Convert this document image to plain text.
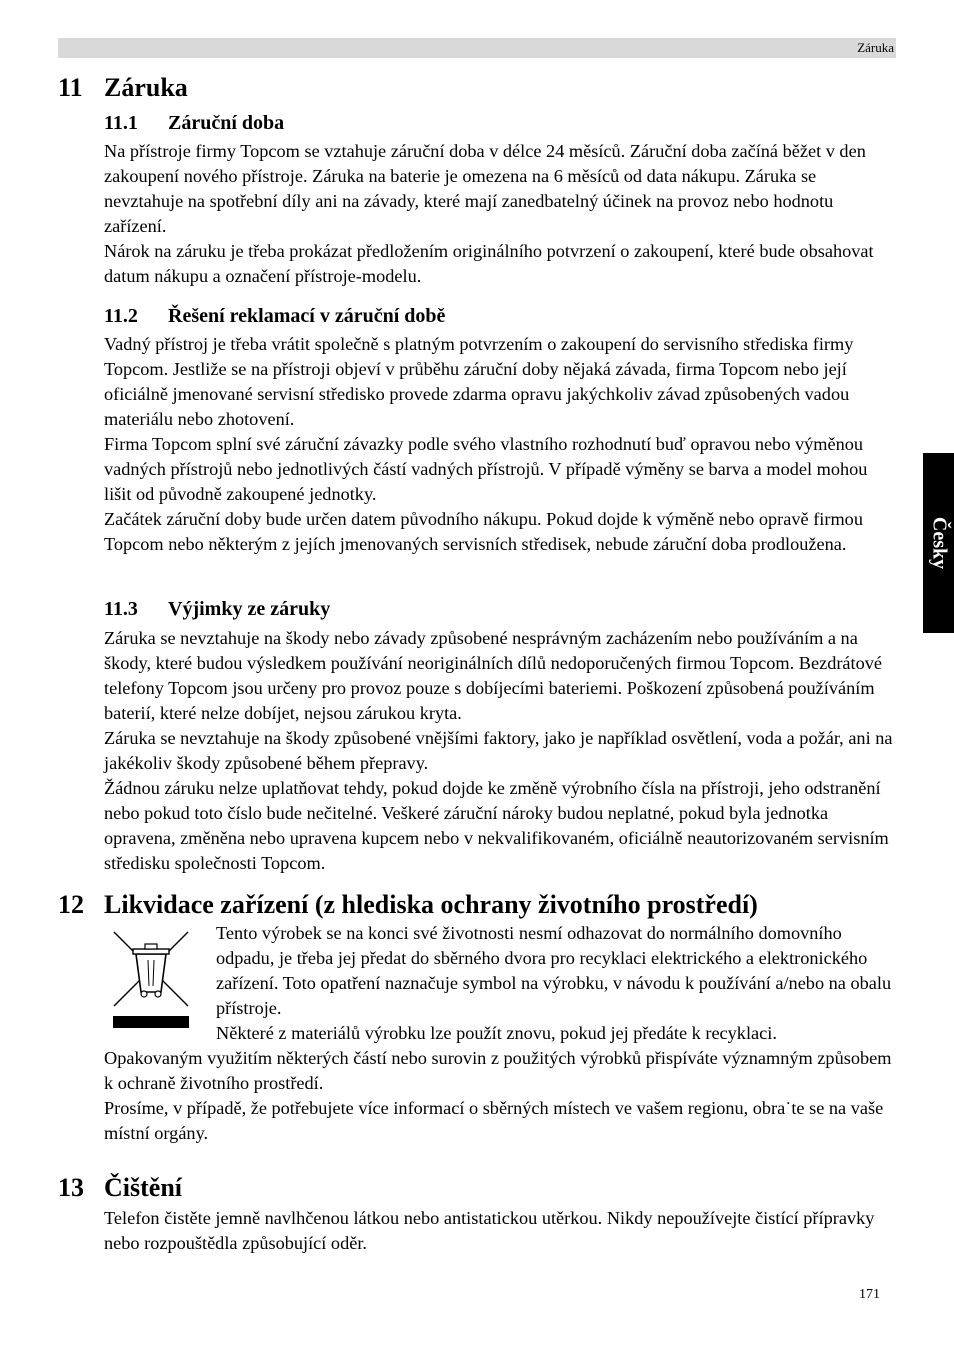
Záruka
Česky
11 Záruka
11.1 Záruční doba

Na přístroje firmy Topcom se vztahuje záruční doba v délce 24 měsíců. Záruční doba začíná běžet v den zakoupení nového přístroje. Záruka na baterie je omezena na 6 měsíců od data nákupu. Záruka se nevztahuje na spotřební díly ani na závady, které mají zanedbatelný účinek na provoz nebo hodnotu zařízení.

Nárok na záruku je třeba prokázat předložením originálního potvrzení o zakoupení, které bude obsahovat datum nákupu a označení přístroje-modelu.

11.2 Řešení reklamací v záruční době

Vadný přístroj je třeba vrátit společně s platným potvrzením o zakoupení do servisního střediska firmy Topcom. Jestliže se na přístroji objeví v průběhu záruční doby nějaká závada, firma Topcom nebo její oficiálně jmenované servisní středisko provede zdarma opravu jakýchkoliv závad způsobených vadou materiálu nebo zhotovení.

Firma Topcom splní své záruční závazky podle svého vlastního rozhodnutí buď opravou nebo výměnou vadných přístrojů nebo jednotlivých částí vadných přístrojů. V případě výměny se barva a model mohou lišit od původně zakoupené jednotky.

Začátek záruční doby bude určen datem původního nákupu. Pokud dojde k výměně nebo opravě firmou Topcom nebo některým z jejích jmenovaných servisních středisek, nebude záruční doba prodloužena.

11.3 Výjimky ze záruky

Záruka se nevztahuje na škody nebo závady způsobené nesprávným zacházením nebo používáním a na škody, které budou výsledkem používání neoriginálních dílů nedoporučených firmou Topcom. Bezdrátové telefony Topcom jsou určeny pro provoz pouze s dobíjecími bateriemi. Poškození způsobená používáním baterií, které nelze dobíjet, nejsou zárukou kryta.

Záruka se nevztahuje na škody způsobené vnějšími faktory, jako je například osvětlení, voda a požár, ani na jakékoliv škody způsobené během přepravy.

Žádnou záruku nelze uplatňovat tehdy, pokud dojde ke změně výrobního čísla na přístroji, jeho odstranění nebo pokud toto číslo bude nečitelné. Veškeré záruční nároky budou neplatné, pokud byla jednotka opravena, změněna nebo upravena kupcem nebo v nekvalifikovaném, oficiálně neautorizovaném servisním středisku společnosti Topcom.

12 Likvidace zařízení (z hlediska ochrany životního prostředí)

Tento výrobek se na konci své životnosti nesmí odhazovat do normálního domovního odpadu, je třeba jej předat do sběrného dvora pro recyklaci elektrického a elektronického zařízení. Toto opatření naznačuje symbol na výrobku, v návodu k používání a/nebo na obalu přístroje.

Některé z materiálů výrobku lze použít znovu, pokud jej předáte k recyklaci.

Opakovaným využitím některých částí nebo surovin z použitých výrobků přispíváte významným způsobem k ochraně životního prostředí.

Prosíme, v případě, že potřebujete více informací o sběrných místech ve vašem regionu, obra˙te se na vaše místní orgány.

13 Čištění

Telefon čistěte jemně navlhčenou látkou nebo antistatickou utěrkou. Nikdy nepoužívejte čistící přípravky nebo rozpouštědla způsobující oděr.

171
